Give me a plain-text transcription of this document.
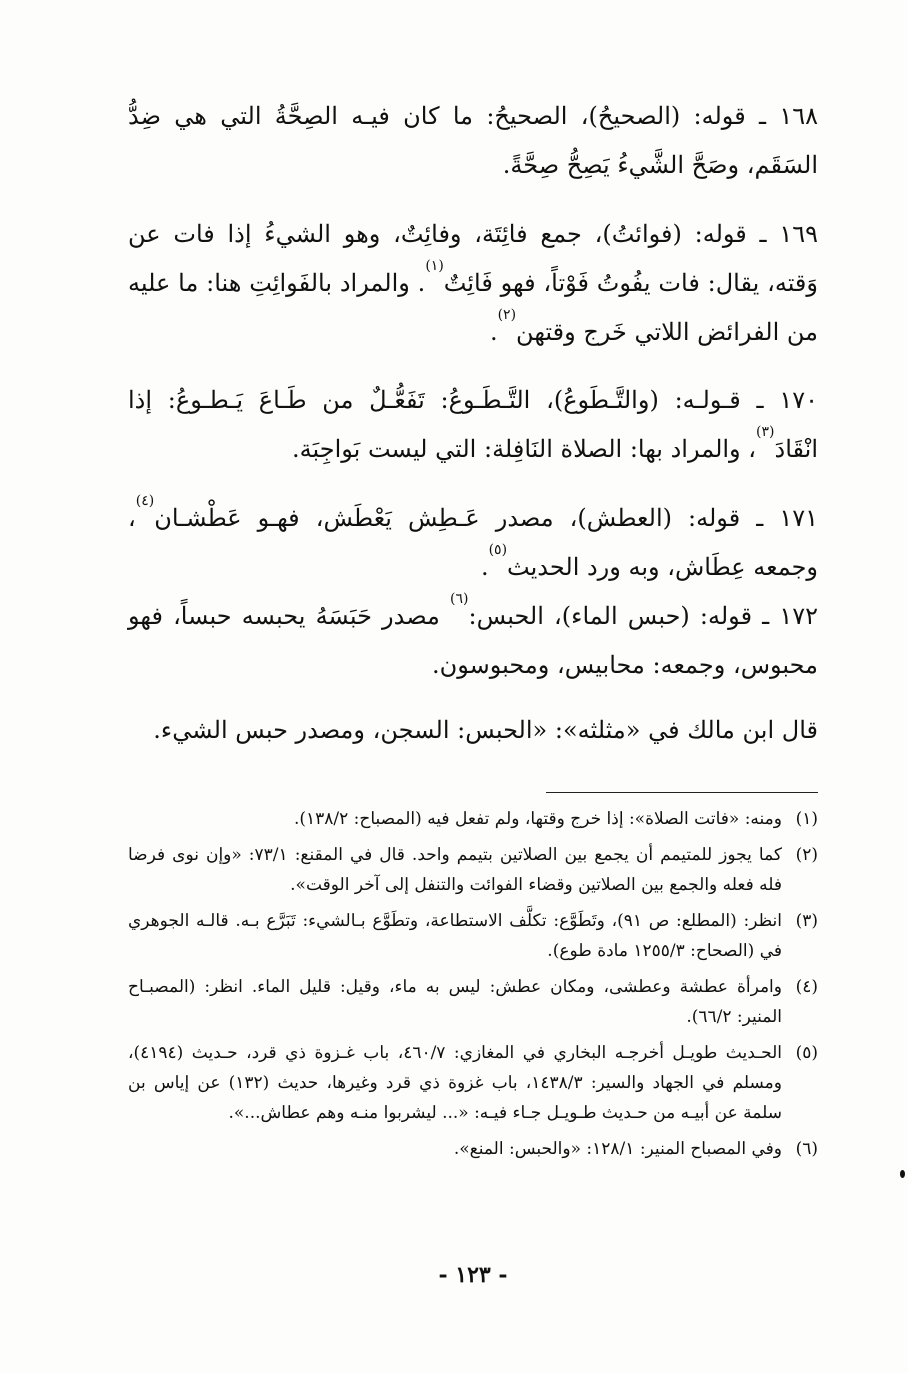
١٦٨ ـ قوله: (الصحيحُ)، الصحيحُ: ما كان فيـه الصِحَّةُ التي هي ضِدُّ السَقَم، وصَحَّ الشَّيءُ يَصِحُّ صِحَّةً.

١٦٩ ـ قوله: (فوائتُ)، جمع فائِتَة، وفائِتٌ، وهو الشيءُ إذا فات عن وَقته، يقال: فات يفُوتُ فَوْتاً، فهو فَائِتٌ$^{(١)}$. والمراد بالفَوائِتِ هنا: ما عليه من الفرائض اللاتي خَرج وقتهن$^{(٢)}$.

١٧٠ ـ قـولـه: (والتَّـطَوعُ)، التَّـطَـوعُ: تَفَعُّـلٌ من طَـاعَ يَـطـوعُ: إذا انْقَادَ$^{(٣)}$، والمراد بها: الصلاة النَافِلة: التي ليست بَواجِبَة.

١٧١ ـ قوله: (العطش)، مصدر عَـطِش يَعْطَش، فهـو عَطْشـان$^{(٤)}$، وجمعه عِطَاش، وبه ورد الحديث$^{(٥)}$.

١٧٢ ـ قوله: (حبس الماء)، الحبس:$^{(٦)}$ مصدر حَبَسَهُ يحبسه حبساً، فهو محبوس، وجمعه: محابيس، ومحبوسون.

قال ابن مالك في «مثلثه»: «الحبس: السجن، ومصدر حبس الشيء.

(١)
ومنه: «فاتت الصلاة»: إذا خرج وقتها، ولم تفعل فيه (المصباح: ١٣٨/٢).

(٢)
كما يجوز للمتيمم أن يجمع بين الصلاتين بتيمم واحد. قال في المقنع: ٧٣/١: «وإن نوى فرضا فله فعله والجمع بين الصلاتين وقضاء الفوائت والتنفل إلى آخر الوقت».

(٣)
انظر: (المطلع: ص ٩١)، وتَطَوَّع: تكلَّف الاستطاعة، وتطَوَّع بـالشيء: تَبَرَّع بـه. قالـه الجوهري في (الصحاح: ١٢٥٥/٣ مادة طوع).

(٤)
وامرأة عطشة وعطشى، ومكان عطش: ليس به ماء، وقيل: قليل الماء. انظر: (المصبـاح المنير: ٦٦/٢).

(٥)
الحـديث طويـل أخرجـه البخاري في المغازي: ٤٦٠/٧، باب غـزوة ذي قرد، حـديث (٤١٩٤)، ومسلم في الجهاد والسير: ١٤٣٨/٣، باب غزوة ذي قرد وغيرها، حديث (١٣٢) عن إياس بن سلمة عن أبيـه من حـديث طـويـل جـاء فيـه: «... ليشربوا منـه وهم عطاش...».

(٦)
وفي المصباح المنير: ١٢٨/١: «والحبس: المنع».

- ١٢٣ -
